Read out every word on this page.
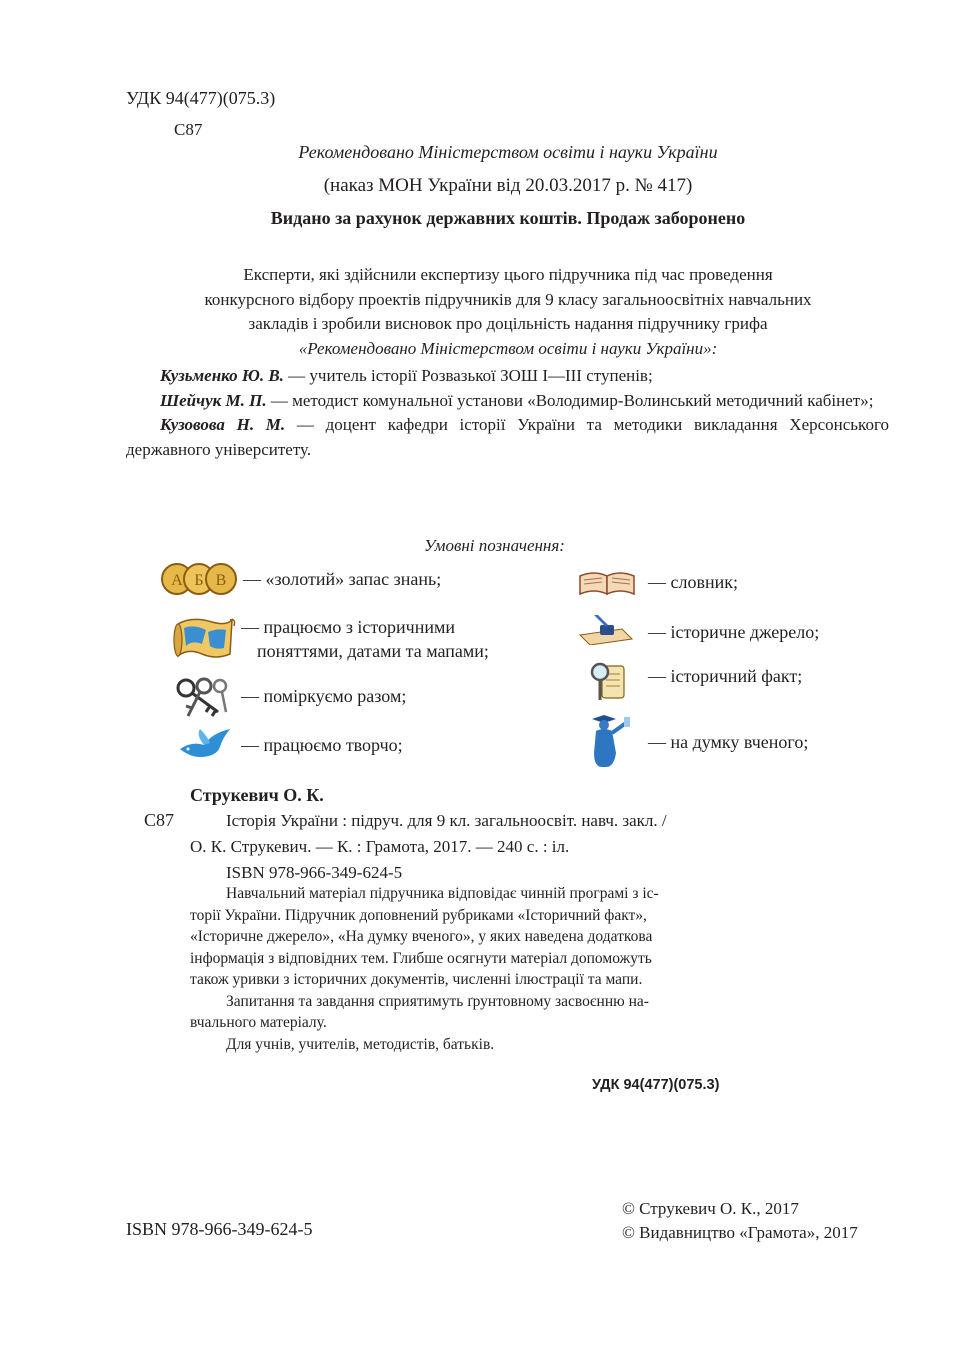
УДК 94(477)(075.3)
С87
Рекомендовано Міністерством освіти і науки України
(наказ МОН України від 20.03.2017 р. № 417)
Видано за рахунок державних коштів. Продаж заборонено
Експерти, які здійснили експертизу цього підручника під час проведення
конкурсного відбору проектів підручників для 9 класу загальноосвітніх навчальних
закладів і зробили висновок про доцільність надання підручнику грифа
«Рекомендовано Міністерством освіти і науки України»:
Кузьменко Ю. В. — учитель історії Розвазької ЗОШ І—ІІІ ступенів;
Шейчук М. П. — методист комунальної установи «Володимир-Волинський методичний кабінет»;
Кузовова Н. М. — доцент кафедри історії України та методики викладання Херсонського державного університету.
Умовні позначення:
А Б В — «золотий» запас знань;
— працюємо з історичними
поняттями, датами та мапами;
— поміркуємо разом;
— працюємо творчо;
— словник;
— історичне джерело;
— історичний факт;
— на думку вченого;
Струкевич О. К.
С87	Історія України : підруч. для 9 кл. загальноосвіт. навч. закл. /
О. К. Струкевич. — К. : Грамота, 2017. — 240 с. : іл.
ISBN 978-966-349-624-5
Навчальний матеріал підручника відповідає чинній програмі з іс-
торії України. Підручник доповнений рубриками «Історичний факт»,
«Історичне джерело», «На думку вченого», у яких наведена додаткова
інформація з відповідних тем. Глибше осягнути матеріал допоможуть
також уривки з історичних документів, численні ілюстрації та мапи.
Запитання та завдання сприятимуть ґрунтовному засвоєнню на-
вчального матеріалу.
Для учнів, учителів, методистів, батьків.
УДК 94(477)(075.3)
ISBN 978-966-349-624-5
© Струкевич О. К., 2017
© Видавництво «Грамота», 2017
